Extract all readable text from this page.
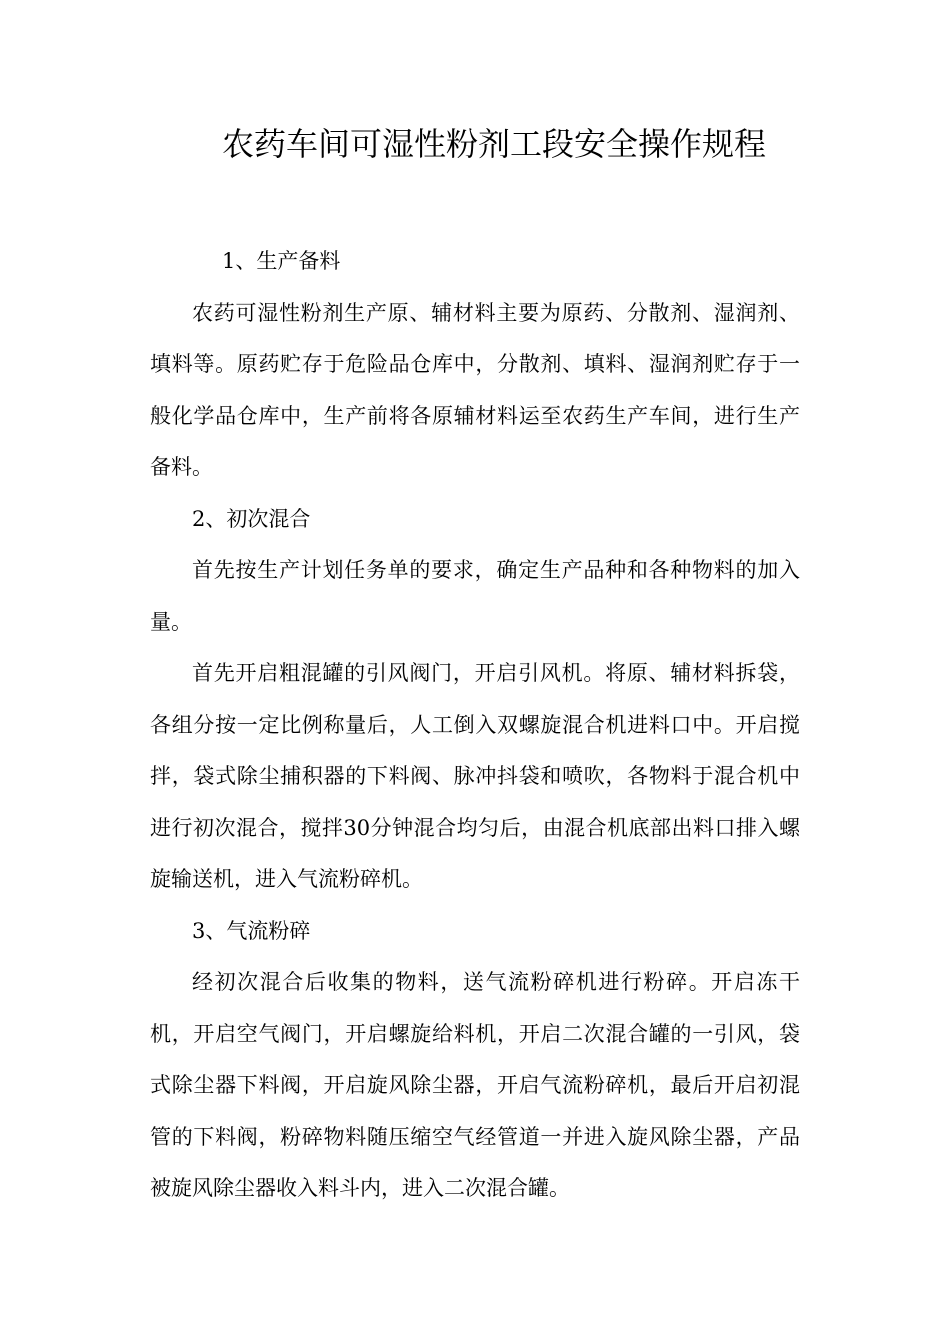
农药车间可湿性粉剂工段安全操作规程

1、生产备料

农药可湿性粉剂生产原、辅材料主要为原药、分散剂、湿润剂、填料等。原药贮存于危险品仓库中，分散剂、填料、湿润剂贮存于一般化学品仓库中，生产前将各原辅材料运至农药生产车间，进行生产备料。

2、初次混合

首先按生产计划任务单的要求，确定生产品种和各种物料的加入量。

首先开启粗混罐的引风阀门，开启引风机。将原、辅材料拆袋，各组分按一定比例称量后，人工倒入双螺旋混合机进料口中。开启搅拌，袋式除尘捕积器的下料阀、脉冲抖袋和喷吹，各物料于混合机中进行初次混合，搅拌30分钟混合均匀后，由混合机底部出料口排入螺旋输送机，进入气流粉碎机。

3、气流粉碎

经初次混合后收集的物料，送气流粉碎机进行粉碎。开启冻干机，开启空气阀门，开启螺旋给料机，开启二次混合罐的一引风，袋式除尘器下料阀，开启旋风除尘器，开启气流粉碎机，最后开启初混管的下料阀，粉碎物料随压缩空气经管道一并进入旋风除尘器，产品被旋风除尘器收入料斗内，进入二次混合罐。
